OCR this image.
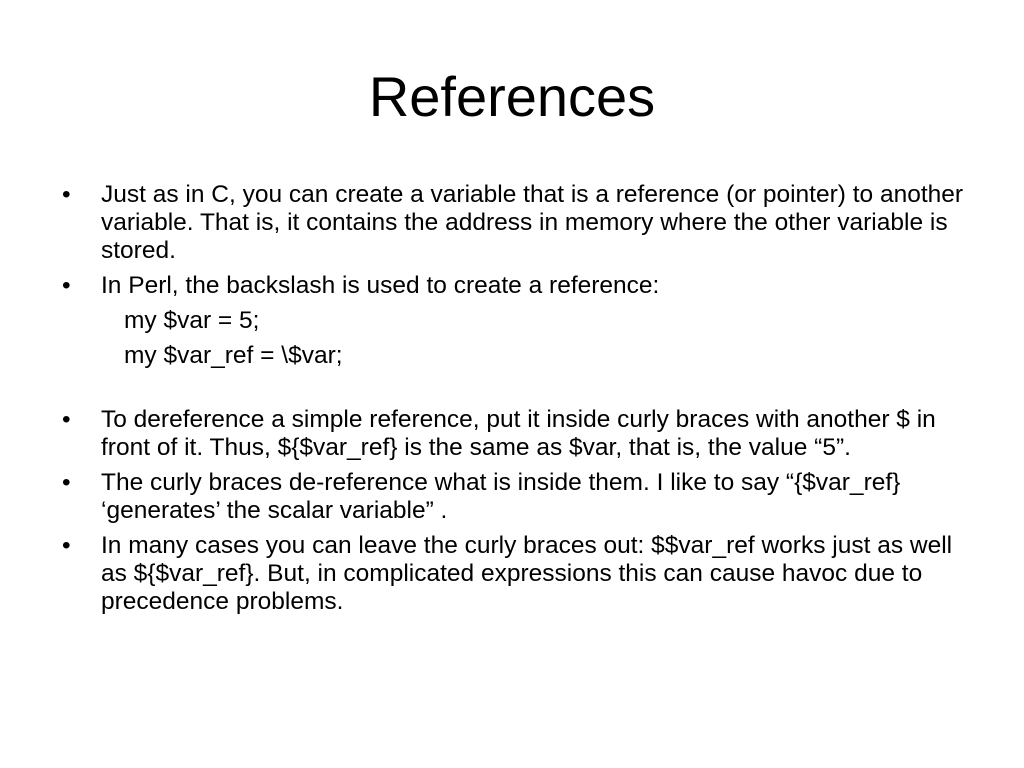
References
•	Just as in C, you can create a variable that is a reference (or pointer) to another variable. That is, it contains the address in memory where the other variable is stored.
•	In Perl, the backslash is used to create a reference:
my $var = 5;
my $var_ref = \$var;
•	To dereference a simple reference, put it inside curly braces with another $ in front of it. Thus, ${$var_ref} is the same as $var, that is, the value “5”.
•	The curly braces de-reference what is inside them. I like to say “{$var_ref} ‘generates’ the scalar variable” .
•	In many cases you can leave the curly braces out: $$var_ref works just as well as ${$var_ref}. But, in complicated expressions this can cause havoc due to precedence problems.
